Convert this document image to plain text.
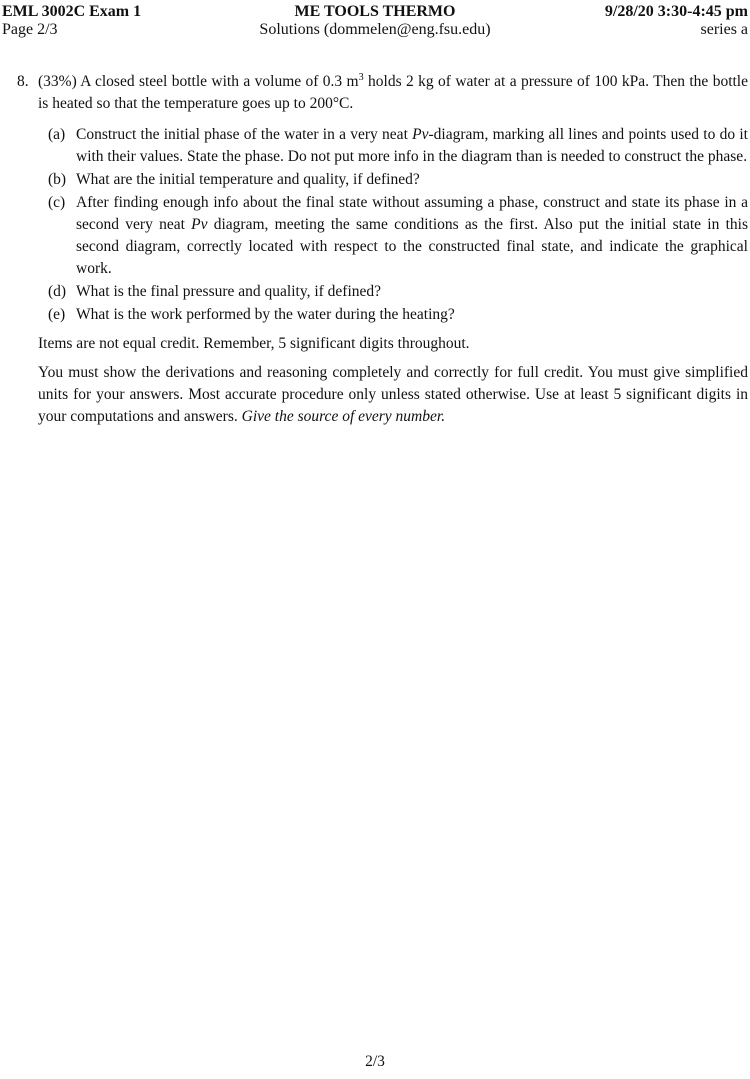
EML 3002C Exam 1	ME TOOLS THERMO	9/28/20 3:30-4:45 pm
Page 2/3	Solutions (dommelen@eng.fsu.edu)	series a
8. (33%) A closed steel bottle with a volume of 0.3 $m^3$ holds 2 kg of water at a pressure of 100 kPa. Then the bottle is heated so that the temperature goes up to 200°C.
(a) Construct the initial phase of the water in a very neat Pv-diagram, marking all lines and points used to do it with their values. State the phase. Do not put more info in the diagram than is needed to construct the phase.
(b) What are the initial temperature and quality, if defined?
(c) After finding enough info about the final state without assuming a phase, construct and state its phase in a second very neat Pv diagram, meeting the same conditions as the first. Also put the initial state in this second diagram, correctly located with respect to the constructed final state, and indicate the graphical work.
(d) What is the final pressure and quality, if defined?
(e) What is the work performed by the water during the heating?
Items are not equal credit. Remember, 5 significant digits throughout.
You must show the derivations and reasoning completely and correctly for full credit. You must give simplified units for your answers. Most accurate procedure only unless stated otherwise. Use at least 5 significant digits in your computations and answers. Give the source of every number.
2/3
